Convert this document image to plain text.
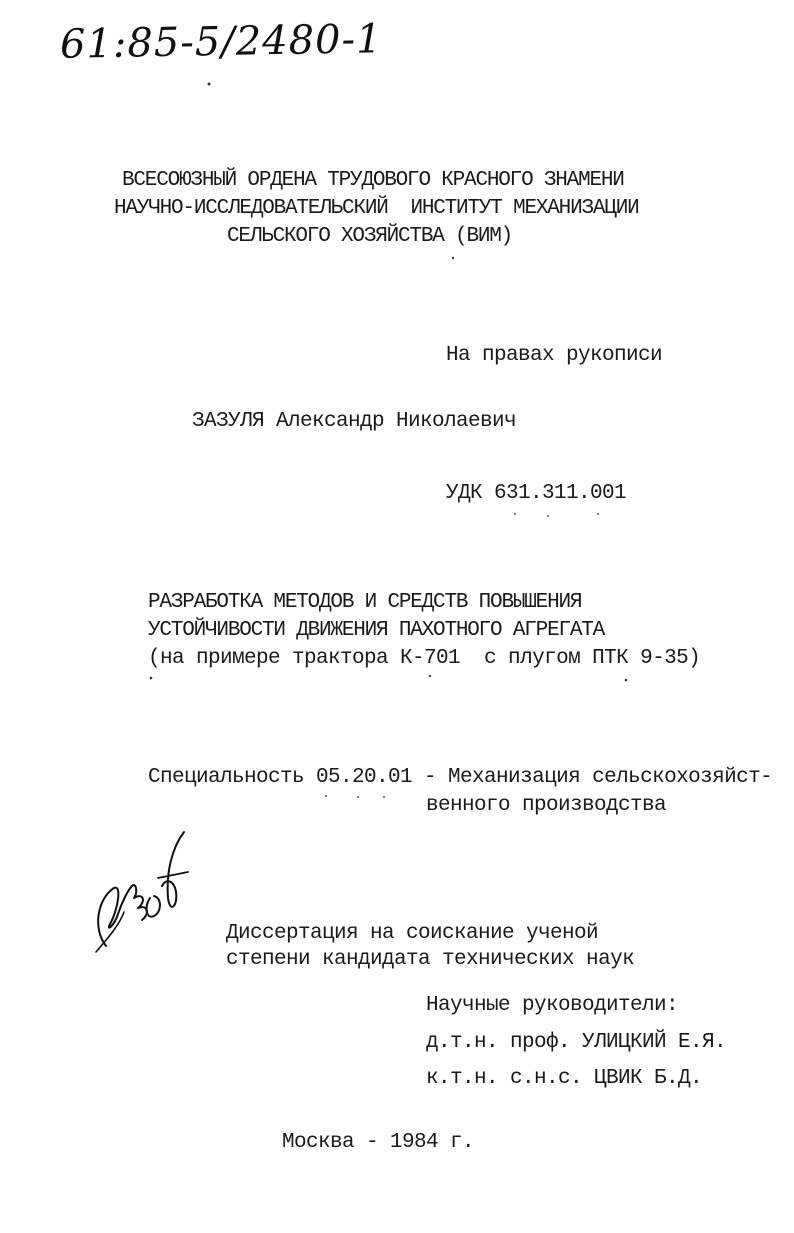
61:85-5/2480-1
ВСЕСОЮЗНЫЙ ОРДЕНА ТРУДОВОГО КРАСНОГО ЗНАМЕНИ
НАУЧНО-ИССЛЕДОВАТЕЛЬСКИЙ  ИНСТИТУТ МЕХАНИЗАЦИИ
СЕЛЬСКОГО ХОЗЯЙСТВА (ВИМ)
На правах рукописи
ЗАЗУЛЯ Александр Николаевич
УДК 631.311.001
РАЗРАБОТКА МЕТОДОВ И СРЕДСТВ ПОВЫШЕНИЯ
УСТОЙЧИВОСТИ ДВИЖЕНИЯ ПАХОТНОГО АГРЕГАТА
(на примере трактора К-701  с плугом ПТК 9-35)
Специальность 05.20.01 - Механизация сельскохозяйст-
венного производства
Диссертация на соискание ученой
степени кандидата технических наук
Научные руководители:
д.т.н. проф. УЛИЦКИЙ Е.Я.
к.т.н. с.н.с. ЦВИК Б.Д.
Москва - 1984 г.
